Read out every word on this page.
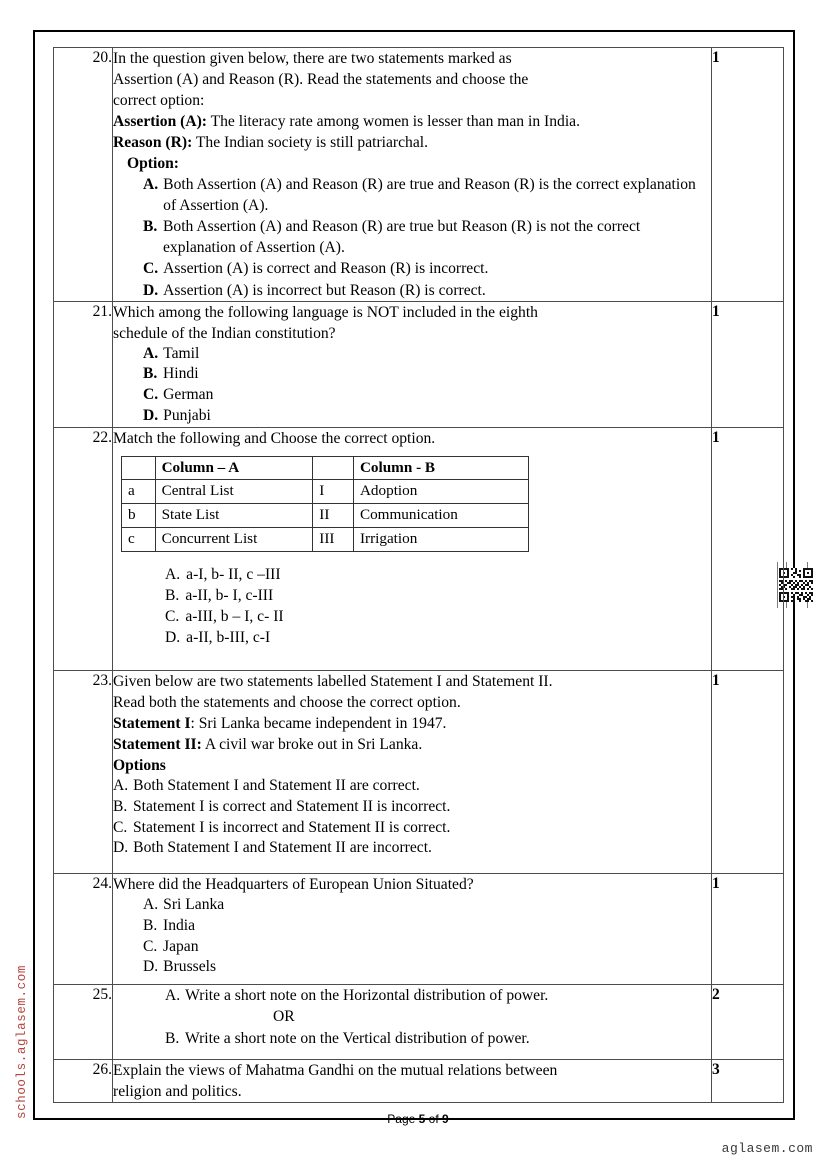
schools.aglasem.com
aglasem.com
20.	In the question given below, there are two statements marked as

Assertion (A) and Reason (R). Read the statements and choose the

correct option:

Assertion (A): The literacy rate among women is lesser than man in India.

Reason (R): The Indian society is still patriarchal.

Option:

A. Both Assertion (A) and Reason (R) are true and Reason (R) is the correct explanation of Assertion (A).
B. Both Assertion (A) and Reason (R) are true but Reason (R) is not the correct explanation of Assertion (A).
C. Assertion (A) is correct and Reason (R) is incorrect.
D. Assertion (A) is incorrect but Reason (R) is correct.
	1
21.	Which among the following language is NOT included in the eighth

schedule of the Indian constitution?

A. Tamil
B. Hindi
C. German
D. Punjabi
	1
22.	Match the following and Choose the correct option.

	Column – A		Column - B
a	Central List	I	Adoption
b	State List	II	Communication
c	Concurrent List	III	Irrigation
A. a-I, b- II, c –III
B. a-II, b- I, c-III
C. a-III, b – I, c- II
D. a-II, b-III, c-I
	1
23.	Given below are two statements labelled Statement I and Statement II.

Read both the statements and choose the correct option.

Statement I: Sri Lanka became independent in 1947.

Statement II: A civil war broke out in Sri Lanka.

Options

A. Both Statement I and Statement II are correct.
B. Statement I is correct and Statement II is incorrect.
C. Statement I is incorrect and Statement II is correct.
D. Both Statement I and Statement II are incorrect.
	1
24.	Where did the Headquarters of European Union Situated?

A. Sri Lanka
B. India
C. Japan
D. Brussels
	1
25.	A. Write a short note on the Horizontal distribution of power.

OR

B. Write a short note on the Vertical distribution of power.
	2
26.	Explain the views of Mahatma Gandhi on the mutual relations between

religion and politics.

	3
Page 5 of 9
